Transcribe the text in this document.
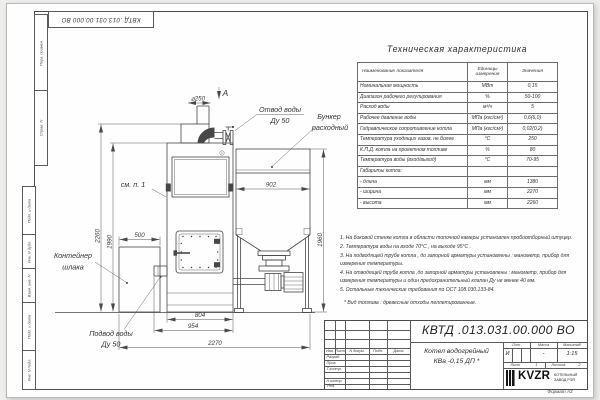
КВТД .013.031.00.000 ВО
Перв. примен.
Справ. N
Подп. и дата
Инв. N дубл.
Взам. инв. N
Подп. и дата
Инв. N подл.
Техническая характеристика
Наименование показателя	Единицы измерения	Значения
Номинальная мощность	МВт	0,15
Диапазон рабочего регулирования	%	50-100
Расход воды	м³/ч	5
Рабочее давление воды	МПа (кгс/см²)	0,6(6,0)
Гидравлическое сопротивление котла	МПа (кгс/см²)	0,02(0,2)
Температура уходящих газов, не более	°С	250
К.П.Д. котла на проектном топливе	%	80
Температура воды (вход/выход)	°С	70-95
Габариты котла:		
- длина	мм	1380
- ширина	мм	2270
- высота	мм	2260

1. На боковой стенке котла в области топочной камеры установлен пробоотборный штуцер.

2. Температура воды на входе 70°С , на выходе 95°С .

3. На подводящей трубе котла , до запорной арматуры установлены : манометр, прибор для измерения температуры.

4. На отводящей трубе котла ,до запорной арматуры установлены : манометр, прибор для измерения температуры и один предохранительный клапан Ду не менее 40 мм.

5. Остальные технические требования по ОСТ 108.030.133-84.

* Вид топлива : древесные отходы пеллетированные.

500
902
2260 1990	1960
804
954
2270
⌀250
А
Отвод воды
Ду 50	Бункер
расходный
см. п. 1
Контейнер
шлака
Подвод воды
Ду 50
Изм. Лист	N докум.	Подп.	Дата
Разраб.
Пров.
Т.контр.
Н.контр.
Утв.
КВТД .013.031.00.000 ВО
Котел водогрейный
КВа -0,15 ДП *
Лит.	Масса	Масштаб
И	-	1:15
Лист	1	Листов	2
KVZR КОТЕЛЬНЫЙ
ЗАВОД РЭП
Формат А3
